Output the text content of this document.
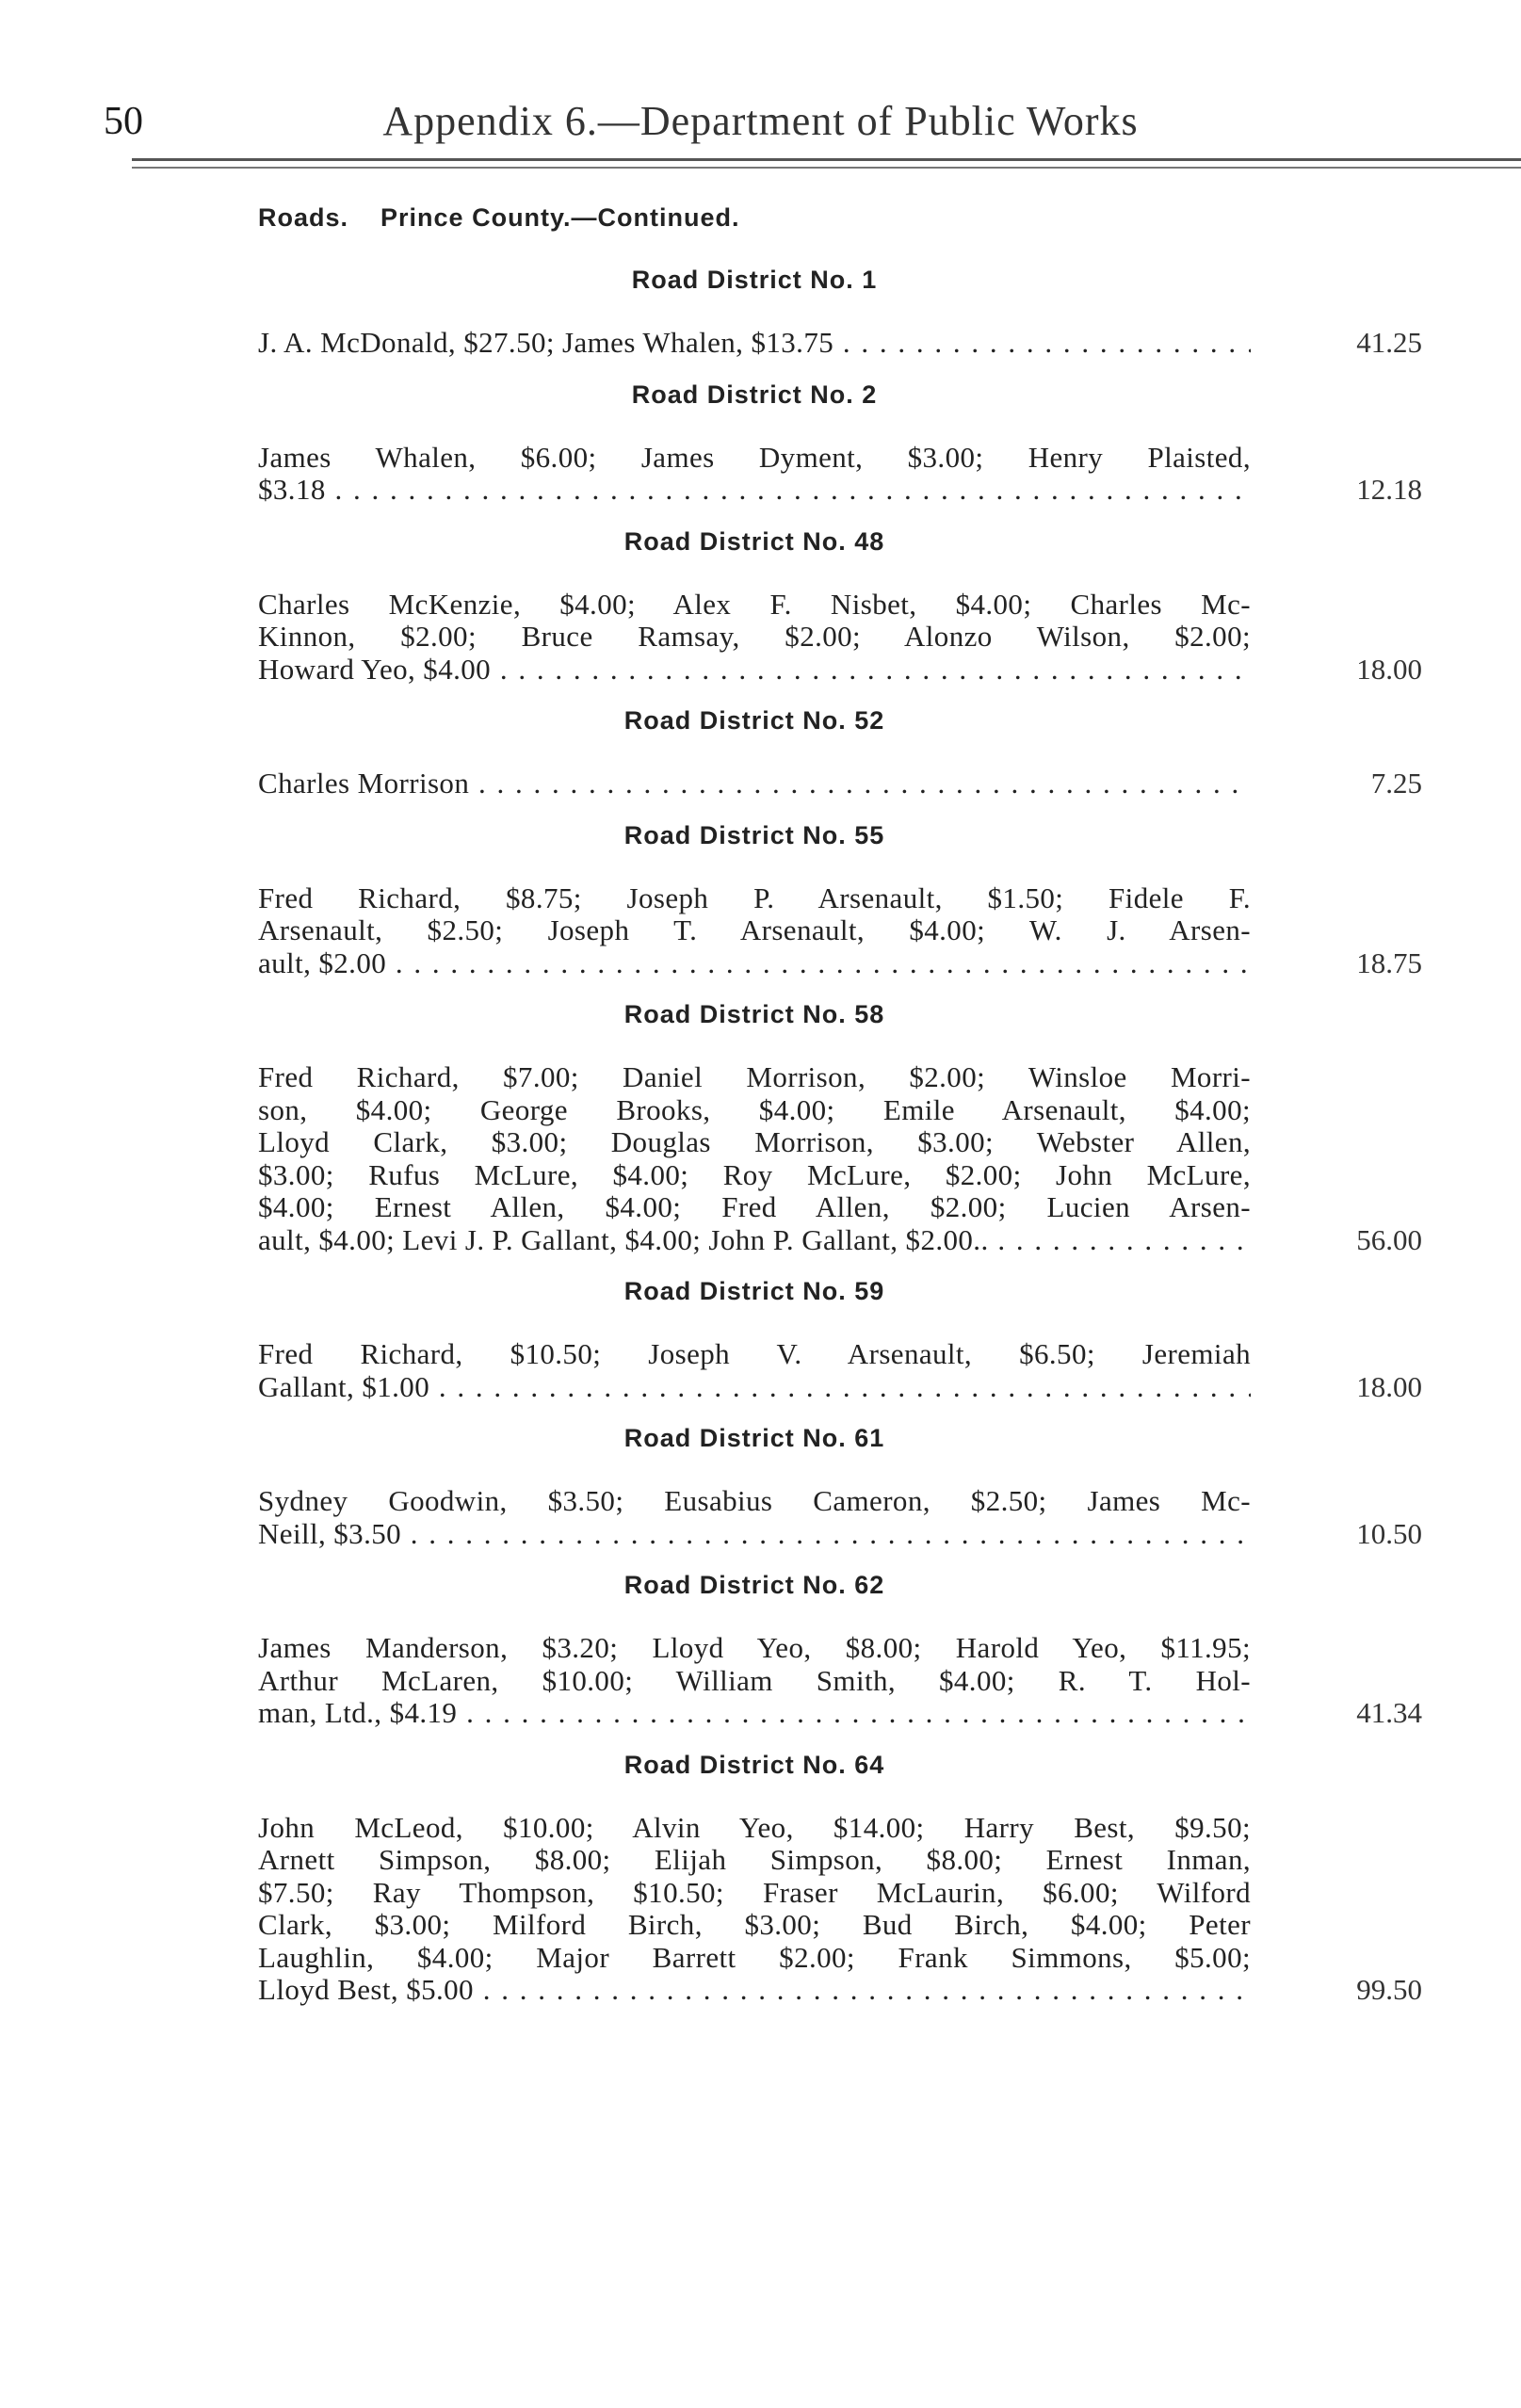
50	Appendix 6.—Department of Public Works
Roads. Prince County.—Continued.
Road District No. 1
J. A. McDonald, $27.50; James Whalen, $13.75 . . .	41.25
Road District No. 2
James Whalen, $6.00; James Dyment, $3.00; Henry Plaisted,
$3.18 . . .	12.18
Road District No. 48
Charles McKenzie, $4.00; Alex F. Nisbet, $4.00; Charles Mc-
Kinnon, $2.00; Bruce Ramsay, $2.00; Alonzo Wilson, $2.00;
Howard Yeo, $4.00 . . .	18.00
Road District No. 52
Charles Morrison . . .	7.25
Road District No. 55
Fred Richard, $8.75; Joseph P. Arsenault, $1.50; Fidele F.
Arsenault, $2.50; Joseph T. Arsenault, $4.00; W. J. Arsen-
ault, $2.00 . . .	18.75
Road District No. 58
Fred Richard, $7.00; Daniel Morrison, $2.00; Winsloe Morri-
son, $4.00; George Brooks, $4.00; Emile Arsenault, $4.00;
Lloyd Clark, $3.00; Douglas Morrison, $3.00; Webster Allen,
$3.00; Rufus McLure, $4.00; Roy McLure, $2.00; John McLure,
$4.00; Ernest Allen, $4.00; Fred Allen, $2.00; Lucien Arsen-
ault, $4.00; Levi J. P. Gallant, $4.00; John P. Gallant, $2.00.. . . .	56.00
Road District No. 59
Fred Richard, $10.50; Joseph V. Arsenault, $6.50; Jeremiah
Gallant, $1.00 . . .	18.00
Road District No. 61
Sydney Goodwin, $3.50; Eusabius Cameron, $2.50; James Mc-
Neill, $3.50 . . .	10.50
Road District No. 62
James Manderson, $3.20; Lloyd Yeo, $8.00; Harold Yeo, $11.95;
Arthur McLaren, $10.00; William Smith, $4.00; R. T. Hol-
man, Ltd., $4.19 . . .	41.34
Road District No. 64
John McLeod, $10.00; Alvin Yeo, $14.00; Harry Best, $9.50;
Arnett Simpson, $8.00; Elijah Simpson, $8.00; Ernest Inman,
$7.50; Ray Thompson, $10.50; Fraser McLaurin, $6.00; Wilford
Clark, $3.00; Milford Birch, $3.00; Bud Birch, $4.00; Peter
Laughlin, $4.00; Major Barrett $2.00; Frank Simmons, $5.00;
Lloyd Best, $5.00 . . .	99.50
